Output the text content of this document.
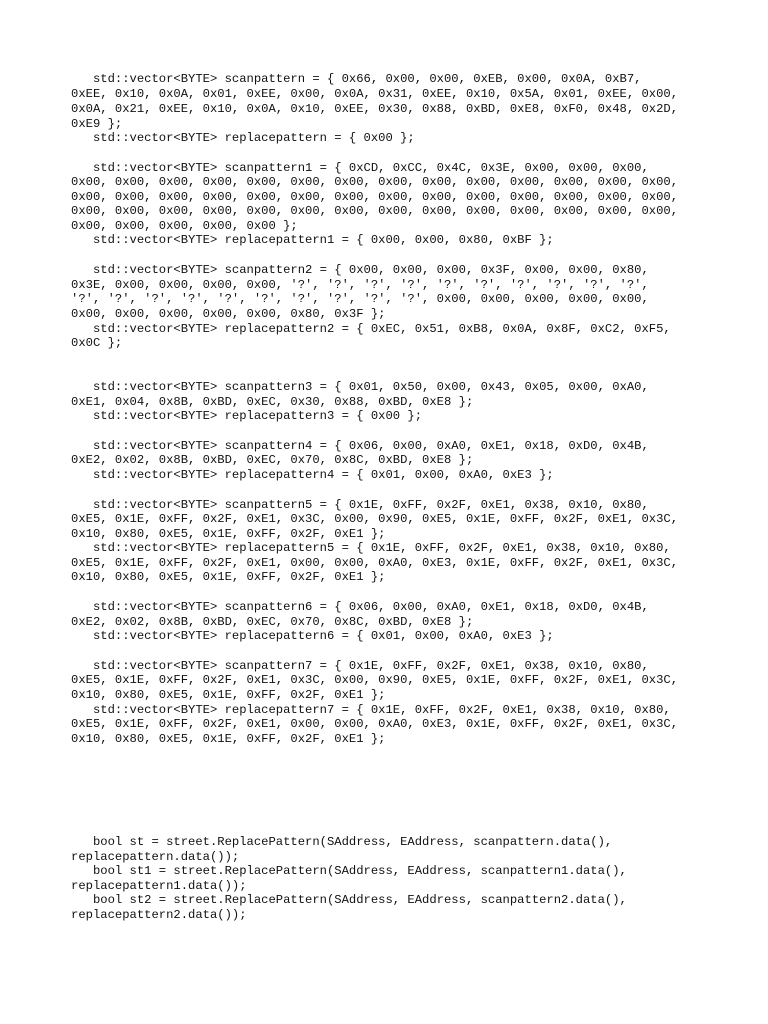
std::vector<BYTE> scanpattern = { 0x66, 0x00, 0x00, 0xEB, 0x00, 0x0A, 0xB7,
0xEE, 0x10, 0x0A, 0x01, 0xEE, 0x00, 0x0A, 0x31, 0xEE, 0x10, 0x5A, 0x01, 0xEE, 0x00,
0x0A, 0x21, 0xEE, 0x10, 0x0A, 0x10, 0xEE, 0x30, 0x88, 0xBD, 0xE8, 0xF0, 0x48, 0x2D,
0xE9 };
std::vector<BYTE> replacepattern = { 0x00 };
std::vector<BYTE> scanpattern1 = { 0xCD, 0xCC, 0x4C, 0x3E, 0x00, 0x00, 0x00,
0x00, 0x00, 0x00, 0x00, 0x00, 0x00, 0x00, 0x00, 0x00, 0x00, 0x00, 0x00, 0x00, 0x00,
0x00, 0x00, 0x00, 0x00, 0x00, 0x00, 0x00, 0x00, 0x00, 0x00, 0x00, 0x00, 0x00, 0x00,
0x00, 0x00, 0x00, 0x00, 0x00, 0x00, 0x00, 0x00, 0x00, 0x00, 0x00, 0x00, 0x00, 0x00,
0x00, 0x00, 0x00, 0x00, 0x00 };
std::vector<BYTE> replacepattern1 = { 0x00, 0x00, 0x80, 0xBF };
std::vector<BYTE> scanpattern2 = { 0x00, 0x00, 0x00, 0x3F, 0x00, 0x00, 0x80,
0x3E, 0x00, 0x00, 0x00, 0x00, '?', '?', '?', '?', '?', '?', '?', '?', '?', '?',
'?', '?', '?', '?', '?', '?', '?', '?', '?', '?', 0x00, 0x00, 0x00, 0x00, 0x00,
0x00, 0x00, 0x00, 0x00, 0x00, 0x80, 0x3F };
std::vector<BYTE> replacepattern2 = { 0xEC, 0x51, 0xB8, 0x0A, 0x8F, 0xC2, 0xF5,
0x0C };
std::vector<BYTE> scanpattern3 = { 0x01, 0x50, 0x00, 0x43, 0x05, 0x00, 0xA0,
0xE1, 0x04, 0x8B, 0xBD, 0xEC, 0x30, 0x88, 0xBD, 0xE8 };
std::vector<BYTE> replacepattern3 = { 0x00 };
std::vector<BYTE> scanpattern4 = { 0x06, 0x00, 0xA0, 0xE1, 0x18, 0xD0, 0x4B,
0xE2, 0x02, 0x8B, 0xBD, 0xEC, 0x70, 0x8C, 0xBD, 0xE8 };
std::vector<BYTE> replacepattern4 = { 0x01, 0x00, 0xA0, 0xE3 };
std::vector<BYTE> scanpattern5 = { 0x1E, 0xFF, 0x2F, 0xE1, 0x38, 0x10, 0x80,
0xE5, 0x1E, 0xFF, 0x2F, 0xE1, 0x3C, 0x00, 0x90, 0xE5, 0x1E, 0xFF, 0x2F, 0xE1, 0x3C,
0x10, 0x80, 0xE5, 0x1E, 0xFF, 0x2F, 0xE1 };
std::vector<BYTE> replacepattern5 = { 0x1E, 0xFF, 0x2F, 0xE1, 0x38, 0x10, 0x80,
0xE5, 0x1E, 0xFF, 0x2F, 0xE1, 0x00, 0x00, 0xA0, 0xE3, 0x1E, 0xFF, 0x2F, 0xE1, 0x3C,
0x10, 0x80, 0xE5, 0x1E, 0xFF, 0x2F, 0xE1 };
std::vector<BYTE> scanpattern6 = { 0x06, 0x00, 0xA0, 0xE1, 0x18, 0xD0, 0x4B,
0xE2, 0x02, 0x8B, 0xBD, 0xEC, 0x70, 0x8C, 0xBD, 0xE8 };
std::vector<BYTE> replacepattern6 = { 0x01, 0x00, 0xA0, 0xE3 };
std::vector<BYTE> scanpattern7 = { 0x1E, 0xFF, 0x2F, 0xE1, 0x38, 0x10, 0x80,
0xE5, 0x1E, 0xFF, 0x2F, 0xE1, 0x3C, 0x00, 0x90, 0xE5, 0x1E, 0xFF, 0x2F, 0xE1, 0x3C,
0x10, 0x80, 0xE5, 0x1E, 0xFF, 0x2F, 0xE1 };
std::vector<BYTE> replacepattern7 = { 0x1E, 0xFF, 0x2F, 0xE1, 0x38, 0x10, 0x80,
0xE5, 0x1E, 0xFF, 0x2F, 0xE1, 0x00, 0x00, 0xA0, 0xE3, 0x1E, 0xFF, 0x2F, 0xE1, 0x3C,
0x10, 0x80, 0xE5, 0x1E, 0xFF, 0x2F, 0xE1 };
bool st = street.ReplacePattern(SAddress, EAddress, scanpattern.data(),
replacepattern.data());
bool st1 = street.ReplacePattern(SAddress, EAddress, scanpattern1.data(),
replacepattern1.data());
bool st2 = street.ReplacePattern(SAddress, EAddress, scanpattern2.data(),
replacepattern2.data());
